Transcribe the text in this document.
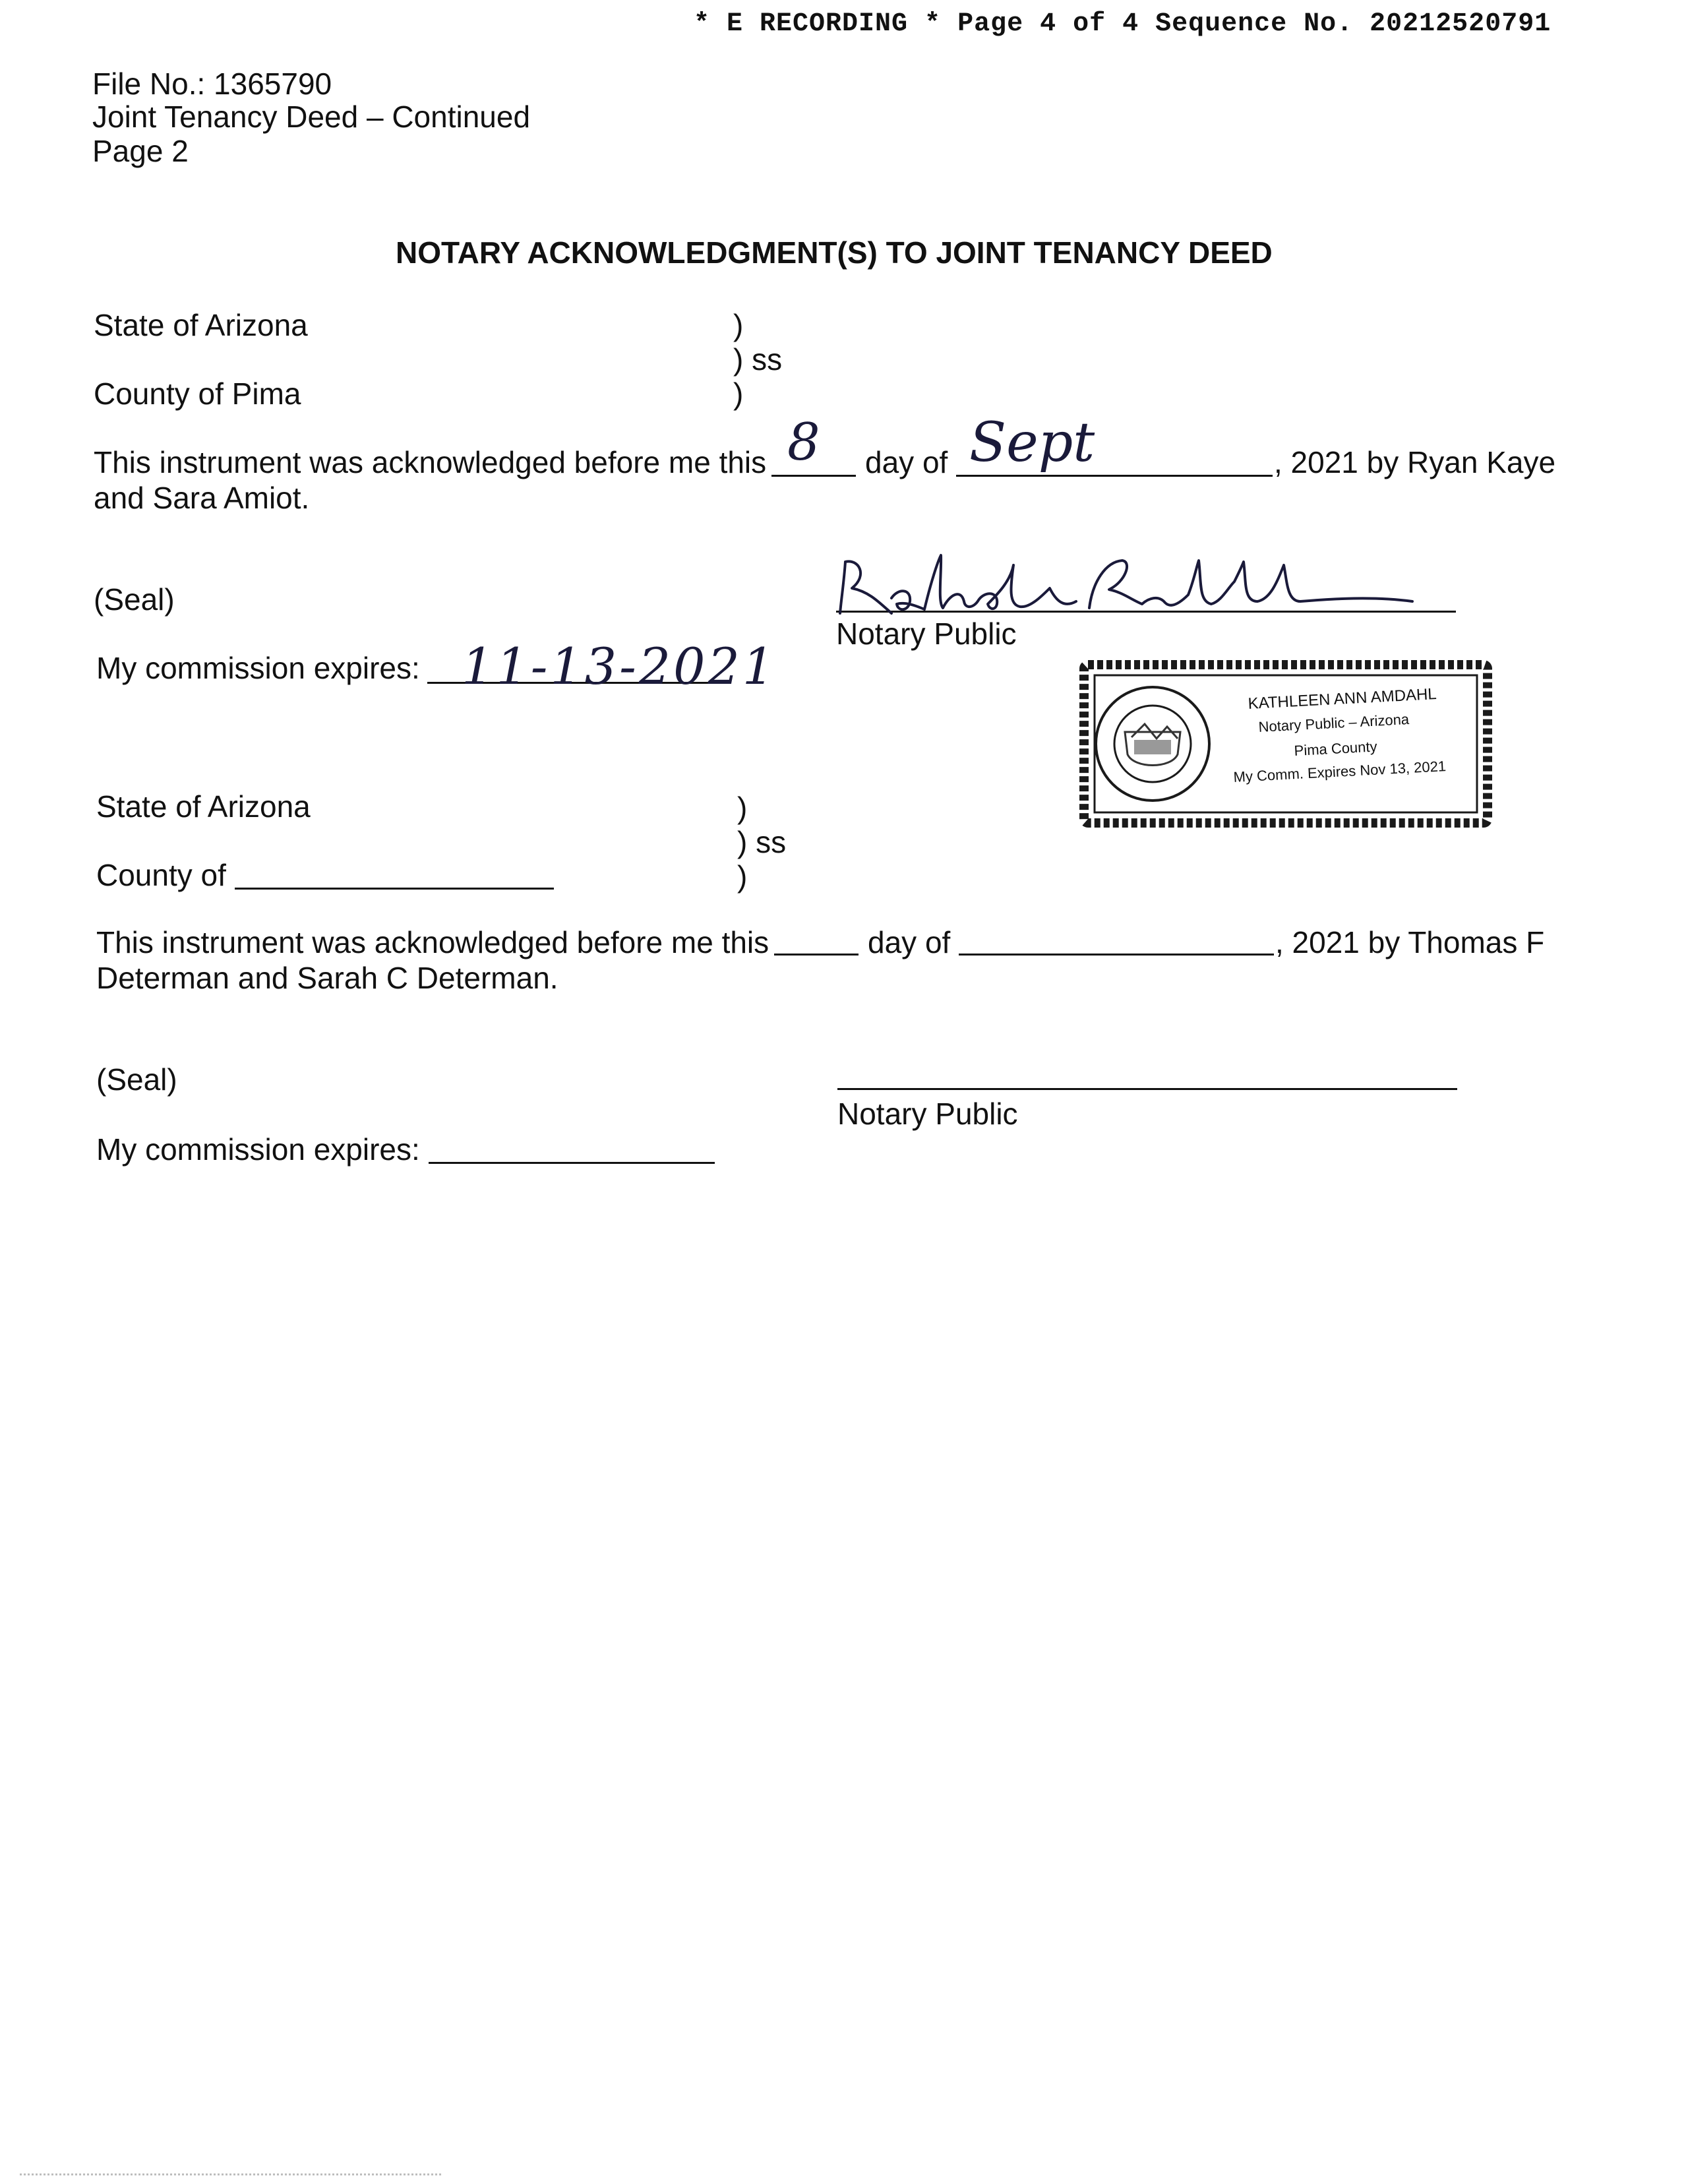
* E RECORDING * Page 4 of 4 Sequence No. 20212520791
File No.: 1365790
Joint Tenancy Deed – Continued
Page 2
NOTARY ACKNOWLEDGMENT(S) TO JOINT TENANCY DEED
State of Arizona	)
) ss
County of Pima	)
This instrument was acknowledged before me this 8 day of Sept	, 2021 by Ryan Kaye
and Sara Amiot.
(Seal)
Notary Public
My commission expires: 11-13-2021
KATHLEEN ANN AMDAHL
Notary Public – Arizona
Pima County
My Comm. Expires Nov 13, 2021
State of Arizona	)
) ss
County of	)
This instrument was acknowledged before me this	day of	, 2021 by Thomas F
Determan and Sarah C Determan.
(Seal)
Notary Public
My commission expires:
